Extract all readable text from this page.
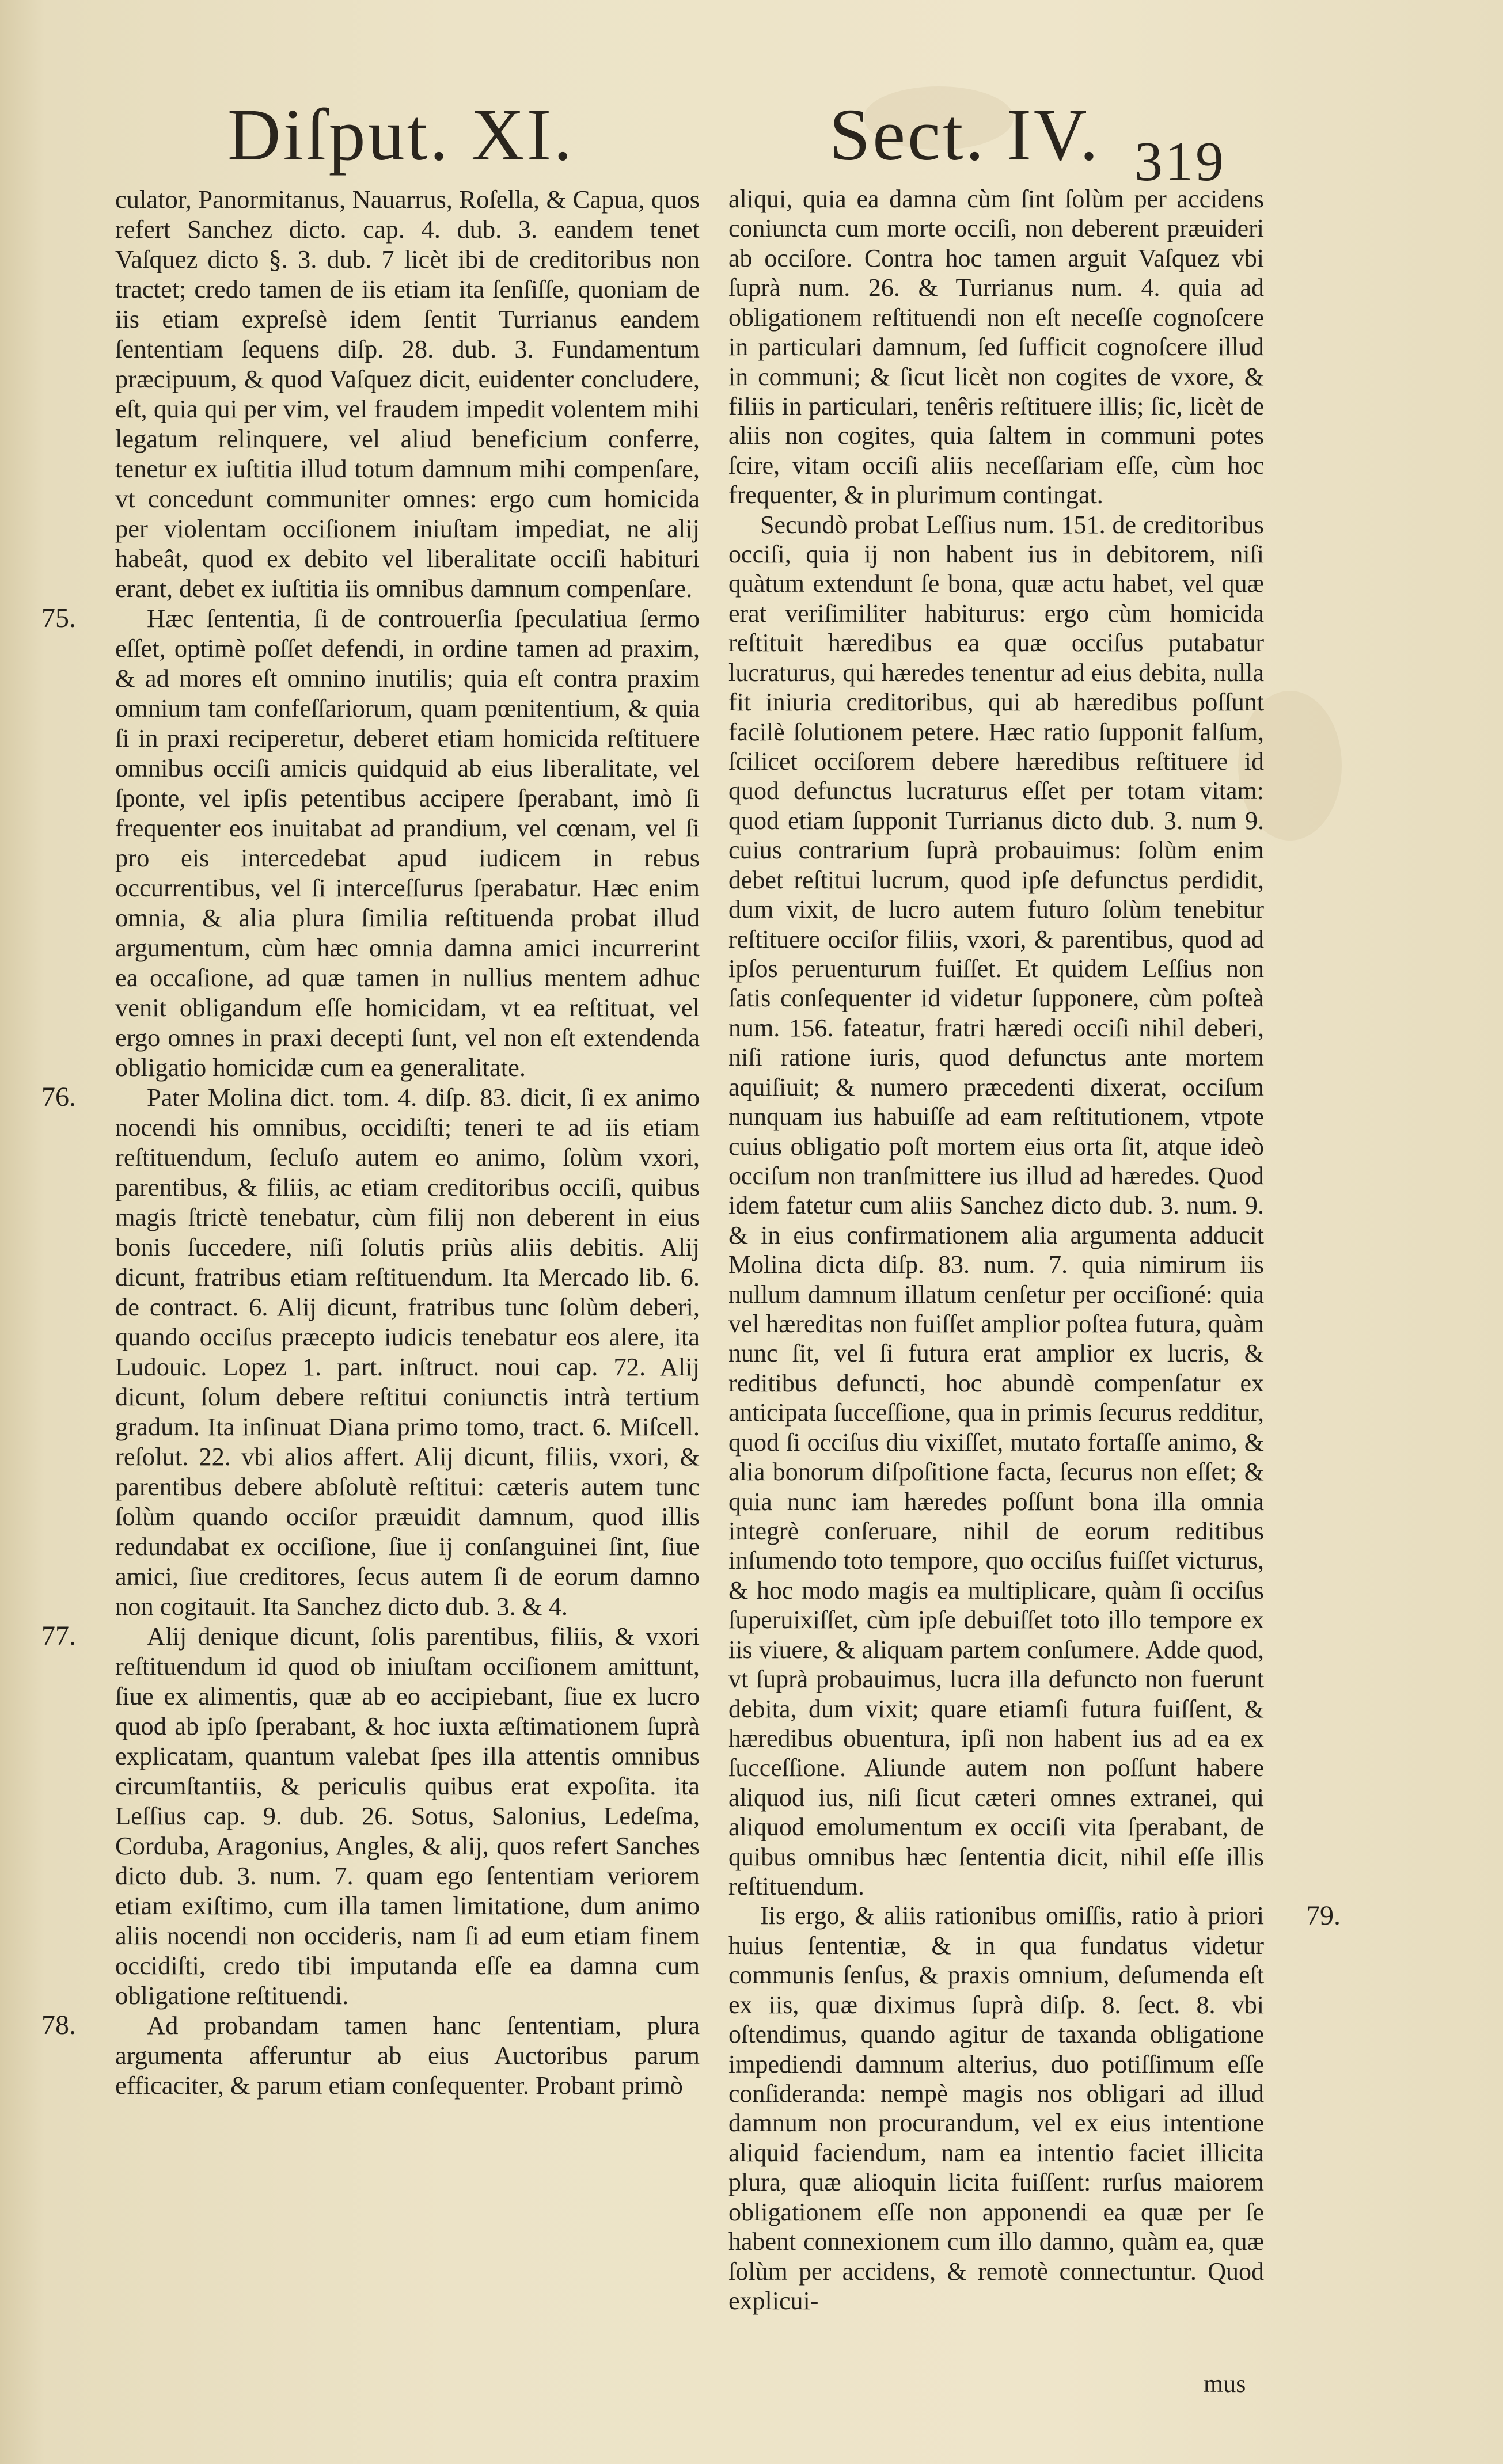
Diſput. XI.	Sect. IV. 319

culator, Panormitanus, Nauarrus, Roſella, & Capua, quos refert Sanchez dicto. cap. 4. dub. 3. eandem tenet Vaſquez dicto §. 3. dub. 7 licèt ibi de creditoribus non tractet; credo tamen de iis etiam ita ſenſiſſe, quoniam de iis etiam expreſsè idem ſentit Turrianus eandem ſententiam ſequens diſp. 28. dub. 3. Fundamentum præcipuum, & quod Vaſquez dicit, euidenter concludere, eſt, quia qui per vim, vel fraudem impedit volentem mihi legatum relinquere, vel aliud beneficium conferre, tenetur ex iuſtitia illud totum damnum mihi compenſare, vt concedunt communiter omnes: ergo cum homicida per violentam occiſionem iniuſtam impediat, ne alij habeât, quod ex debito vel liberalitate occiſi habituri erant, debet ex iuſtitia iis omnibus damnum compenſare.

75.	Hæc ſententia, ſi de controuerſia ſpeculatiua ſermo eſſet, optimè poſſet defendi, in ordine tamen ad praxim, & ad mores eſt omnino inutilis; quia eſt contra praxim omnium tam confeſſariorum, quam pœnitentium, & quia ſi in praxi reciperetur, deberet etiam homicida reſtituere omnibus occiſi amicis quidquid ab eius liberalitate, vel ſponte, vel ipſis petentibus accipere ſperabant, imò ſi frequenter eos inuitabat ad prandium, vel cœnam, vel ſi pro eis intercedebat apud iudicem in rebus occurrentibus, vel ſi interceſſurus ſperabatur. Hæc enim omnia, & alia plura ſimilia reſtituenda probat illud argumentum, cùm hæc omnia damna amici incurrerint ea occaſione, ad quæ tamen in nullius mentem adhuc venit obligandum eſſe homicidam, vt ea reſtituat, vel ergo omnes in praxi decepti ſunt, vel non eſt extendenda obligatio homicidæ cum ea generalitate.

76.	Pater Molina dict. tom. 4. diſp. 83. dicit, ſi ex animo nocendi his omnibus, occidiſti; teneri te ad iis etiam reſtituendum, ſecluſo autem eo animo, ſolùm vxori, parentibus, & filiis, ac etiam creditoribus occiſi, quibus magis ſtrictè tenebatur, cùm filij non deberent in eius bonis ſuccedere, niſi ſolutis priùs aliis debitis. Alij dicunt, fratribus etiam reſtituendum. Ita Mercado lib. 6. de contract. 6. Alij dicunt, fratribus tunc ſolùm deberi, quando occiſus præcepto iudicis tenebatur eos alere, ita Ludouic. Lopez 1. part. inſtruct. noui cap. 72. Alij dicunt, ſolum debere reſtitui coniunctis intrà tertium gradum. Ita inſinuat Diana primo tomo, tract. 6. Miſcell. reſolut. 22. vbi alios affert. Alij dicunt, filiis, vxori, & parentibus debere abſolutè reſtitui: cæteris autem tunc ſolùm quando occiſor præuidit damnum, quod illis redundabat ex occiſione, ſiue ij conſanguinei ſint, ſiue amici, ſiue creditores, ſecus autem ſi de eorum damno non cogitauit. Ita Sanchez dicto dub. 3. & 4.

77.	Alij denique dicunt, ſolis parentibus, filiis, & vxori reſtituendum id quod ob iniuſtam occiſionem amittunt, ſiue ex alimentis, quæ ab eo accipiebant, ſiue ex lucro quod ab ipſo ſperabant, & hoc iuxta æſtimationem ſuprà explicatam, quantum valebat ſpes illa attentis omnibus circumſtantiis, & periculis quibus erat expoſita. ita Leſſius cap. 9. dub. 26. Sotus, Salonius, Ledeſma, Corduba, Aragonius, Angles, & alij, quos refert Sanches dicto dub. 3. num. 7. quam ego ſententiam veriorem etiam exiſtimo, cum illa tamen limitatione, dum animo aliis nocendi non occideris, nam ſi ad eum etiam finem occidiſti, credo tibi imputanda eſſe ea damna cum obligatione reſtituendi.

78.	Ad probandam tamen hanc ſententiam, plura argumenta afferuntur ab eius Auctoribus parum efficaciter, & parum etiam conſequenter. Probant primò

aliqui, quia ea damna cùm ſint ſolùm per accidens coniuncta cum morte occiſi, non deberent præuideri ab occiſore. Contra hoc tamen arguit Vaſquez vbi ſuprà num. 26. & Turrianus num. 4. quia ad obligationem reſtituendi non eſt neceſſe cognoſcere in particulari damnum, ſed ſufficit cognoſcere illud in communi; & ſicut licèt non cogites de vxore, & filiis in particulari, tenêris reſtituere illis; ſic, licèt de aliis non cogites, quia ſaltem in communi potes ſcire, vitam occiſi aliis neceſſariam eſſe, cùm hoc frequenter, & in plurimum contingat.

Secundò probat Leſſius num. 151. de creditoribus occiſi, quia ij non habent ius in debitorem, niſi quàtum extendunt ſe bona, quæ actu habet, vel quæ erat veriſimiliter habiturus: ergo cùm homicida reſtituit hæredibus ea quæ occiſus putabatur lucraturus, qui hæredes tenentur ad eius debita, nulla fit iniuria creditoribus, qui ab hæredibus poſſunt facilè ſolutionem petere. Hæc ratio ſupponit falſum, ſcilicet occiſorem debere hæredibus reſtituere id quod defunctus lucraturus eſſet per totam vitam: quod etiam ſupponit Turrianus dicto dub. 3. num 9. cuius contrarium ſuprà probauimus: ſolùm enim debet reſtitui lucrum, quod ipſe defunctus perdidit, dum vixit, de lucro autem futuro ſolùm tenebitur reſtituere occiſor filiis, vxori, & parentibus, quod ad ipſos peruenturum fuiſſet. Et quidem Leſſius non ſatis conſequenter id videtur ſupponere, cùm poſteà num. 156. fateatur, fratri hæredi occiſi nihil deberi, niſi ratione iuris, quod defunctus ante mortem aquiſiuit; & numero præcedenti dixerat, occiſum nunquam ius habuiſſe ad eam reſtitutionem, vtpote cuius obligatio poſt mortem eius orta ſit, atque ideò occiſum non tranſmittere ius illud ad hæredes. Quod idem fatetur cum aliis Sanchez dicto dub. 3. num. 9. & in eius confirmationem alia argumenta adducit Molina dicta diſp. 83. num. 7. quia nimirum iis nullum damnum illatum cenſetur per occiſioné: quia vel hæreditas non fuiſſet amplior poſtea futura, quàm nunc ſit, vel ſi futura erat amplior ex lucris, & reditibus defuncti, hoc abundè compenſatur ex anticipata ſucceſſione, qua in primis ſecurus redditur, quod ſi occiſus diu vixiſſet, mutato fortaſſe animo, & alia bonorum diſpoſitione facta, ſecurus non eſſet; & quia nunc iam hæredes poſſunt bona illa omnia integrè conſeruare, nihil de eorum reditibus inſumendo toto tempore, quo occiſus fuiſſet victurus, & hoc modo magis ea multiplicare, quàm ſi occiſus ſuperuixiſſet, cùm ipſe debuiſſet toto illo tempore ex iis viuere, & aliquam partem conſumere. Adde quod, vt ſuprà probauimus, lucra illa defuncto non fuerunt debita, dum vixit; quare etiamſi futura fuiſſent, & hæredibus obuentura, ipſi non habent ius ad ea ex ſucceſſione. Aliunde autem non poſſunt habere aliquod ius, niſi ſicut cæteri omnes extranei, qui aliquod emolumentum ex occiſi vita ſperabant, de quibus omnibus hæc ſententia dicit, nihil eſſe illis reſtituendum.

Iis ergo, & aliis rationibus omiſſis, ratio à priori huius ſententiæ, & in qua fundatus videtur communis ſenſus, & praxis omnium, deſumenda eſt ex iis, quæ diximus ſuprà diſp. 8. ſect. 8. vbi oſtendimus, quando agitur de taxanda obligatione impediendi damnum alterius, duo potiſſimum eſſe conſideranda: nempè magis nos obligari ad illud damnum non procurandum, vel ex eius intentione aliquid faciendum, nam ea intentio faciet illicita plura, quæ alioquin licita fuiſſent: rurſus maiorem obligationem eſſe non apponendi ea quæ per ſe habent connexionem cum illo damno, quàm ea, quæ ſolùm per accidens, & remotè connectuntur. Quod explicui-
79.

mus
